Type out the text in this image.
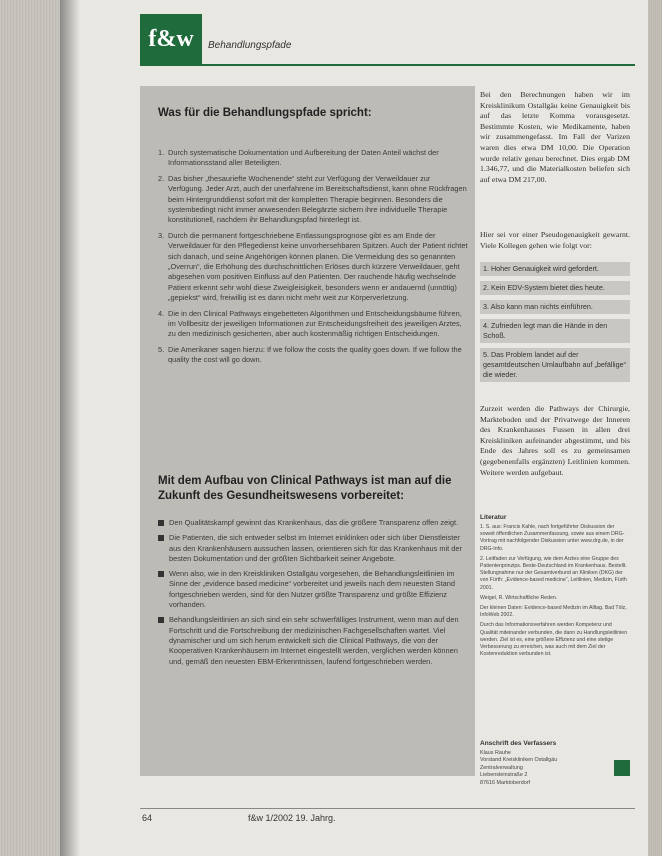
f&w	Behandlungspfade
Was für die Behandlungspfade spricht:
1. Durch systematische Dokumentation und Aufbereitung der Daten Anteil wächst der Informationsstand aller Beteiligten.
2. Das bisher „thesauriefte Wochenende“ steht zur Verfügung der Verweildauer zur Verfügung. Jeder Arzt, auch der unerfahrene im Bereitschaftsdienst, kann ohne Rückfragen beim Hintergrunddienst sofort mit der kompletten Therapie beginnen. Besonders die systembedingt nicht immer anwesenden Belegärzte sichern ihre individuelle Therapie konstitutionell, nachdem ihr Behandlungspfad hinterlegt ist.
3. Durch die permanent fortgeschriebene Entlassungsprognose gibt es am Ende der Verweildauer für den Pflegedienst keine unvorhersehbaren Spitzen. Auch der Patient richtet sich danach, und seine Angehörigen können planen. Die Vermeidung des so genannten „Overrun“, die Erhöhung des durchschnittlichen Erlöses durch kürzere Verweildauer, geht abgesehen vom positiven Einfluss auf den Patienten. Der rauchende häufig wechselnde Patient erkennt sehr wohl diese Zweigleisigkeit, besonders wenn er andauernd (unnötig) „gepiekst“ wird, freiwillig ist es dann nicht mehr weit zur Körperverletzung.
4. Die in den Clinical Pathways eingebetteten Algorithmen und Entscheidungsbäume führen, im Vollbesitz der jeweiligen Informationen zur Entscheidungsfreiheit des jeweiligen Arztes, zu den medizinisch gesicherten, aber auch kostenmäßig richtigen Entscheidungen.
5. Die Amerikaner sagen hierzu: If we follow the costs the quality goes down. If we follow the quality the cost will go down.
Mit dem Aufbau von Clinical Pathways ist man auf die Zukunft des Gesundheitswesens vorbereitet:
Den Qualitätskampf gewinnt das Krankenhaus, das die größere Transparenz offen zeigt.
Die Patienten, die sich entweder selbst im Internet einklinken oder sich über Dienstleister aus den Krankenhäusern aussuchen lassen, orientieren sich für das Krankenhaus mit der besten Dokumentation und der größten Sichtbarkeit seiner Angebote.
Wenn also, wie in den Kreiskliniken Ostallgäu vorgesehen, die Behandlungsleitlinien im Sinne der „evidence based medicine“ vorbereitet und jeweils nach dem neuesten Stand fortgeschrieben werden, sind für den Nutzer größte Transparenz und größte Effizienz vorhanden.
Behandlungsleitlinien an sich sind ein sehr schwerfälliges Instrument, wenn man auf den Fortschritt und die Fortschreibung der medizinischen Fachgesellschaften wartet. Viel dynamischer und um sich herum entwickelt sich die Clinical Pathways, die von der Kooperativen Krankenhäusern im Internet eingestellt werden, verglichen werden können und, gemäß den neuesten EBM-Erkenntnissen, laufend fortgeschrieben werden.
Bei den Berechnungen haben wir im Kreisklinikum Ostallgäu keine Genauigkeit bis auf das letzte Komma vorausgesetzt. Bestimmte Kosten, wie Medikamente, haben wir zusammengefasst. Im Fall der Varizen waren dies etwa DM 10,00. Die Operation wurde relativ genau berechnet. Dies ergab DM 1.346,77, und die Materialkosten beliefen sich auf etwa DM 217,00.
Hier sei vor einer Pseudogenauigkeit gewarnt. Viele Kollegen gehen wie folgt vor:
1. Hoher Genauigkeit wird gefordert.
2. Kein EDV-System bietet dies heute.
3. Also kann man nichts einführen.
4. Zufrieden legt man die Hände in den Schoß.
5. Das Problem landet auf der gesamtdeutschen Umlaufbahn auf „befällige“ die wieder.
Zurzeit werden die Pathways der Chirurgie, Markteboden und der Privatwege der Inneren des Krankenhauses Fussen in allen drei Kreiskliniken aufeinander abgestimmt, und bis Ende des Jahres soll es zu gemeinsamen (gegebenenfalls ergänzten) Leitlinien kommen. Weitere werden aufgebaut.
Literatur

1. S. aus: Francis Kahle, nach fortgeführter Diskussion der soweit öffentlichen Zusammenfassung, sowie aus einem DRG-Vortrag mit nachfolgender Diskussion unter www.drg.de, in der DRG-Info.

2. Leitfaden zur Verfügung, wie dem Arztes eine Gruppe des Patientenprinzips. Beste-Deutschland im Krankenhaus. Bestellt. Stellungnahme nur der Gesamtverbund an Kliniken (DKG) der von Fürth: „Evidence-based medicine“, Leitlinien, Medizin, Fürth 2001.

Weigel, R. Wirtschaftliche Reden.

Der kleinen Daten: Evidence-based Medizin im Alltag. Bad Tölz, InfoWeb 2002.

Durch das Informationsverfahren werden Kompetenz und Qualität miteinander verbunden, die dann zu Handlungsleitlinien werden. Ziel ist es, eine größere Effizienz und eine stetige Verbesserung zu erreichen, was auch mit dem Ziel der Kostenreduktion verbunden ist.

Anschrift des Verfassers

Klaus Rauhe

Vorstand Kreiskliniken Ostallgäu

Zentralverwaltung

Liebensteinstraße 2

87616 Marktoberdorf

64	f&w 1/2002 19. Jahrg.
